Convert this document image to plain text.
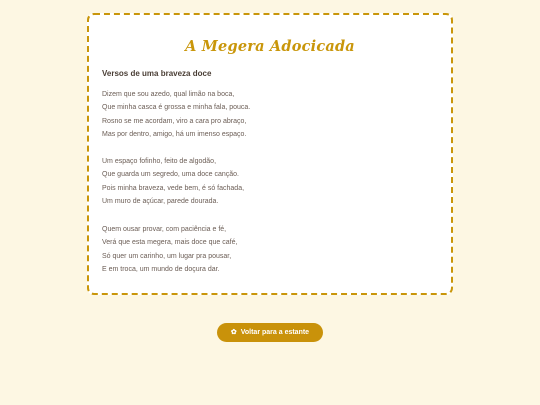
A Megera Adocicada
Versos de uma braveza doce

Dizem que sou azedo, qual limão na boca,
Que minha casca é grossa e minha fala, pouca.
Rosno se me acordam, viro a cara pro abraço,
Mas por dentro, amigo, há um imenso espaço.

Um espaço fofinho, feito de algodão,
Que guarda um segredo, uma doce canção.
Pois minha braveza, vede bem, é só fachada,
Um muro de açúcar, parede dourada.

Quem ousar provar, com paciência e fé,
Verá que esta megera, mais doce que café,
Só quer um carinho, um lugar pra pousar,
E em troca, um mundo de doçura dar.

✿ Voltar para a estante
